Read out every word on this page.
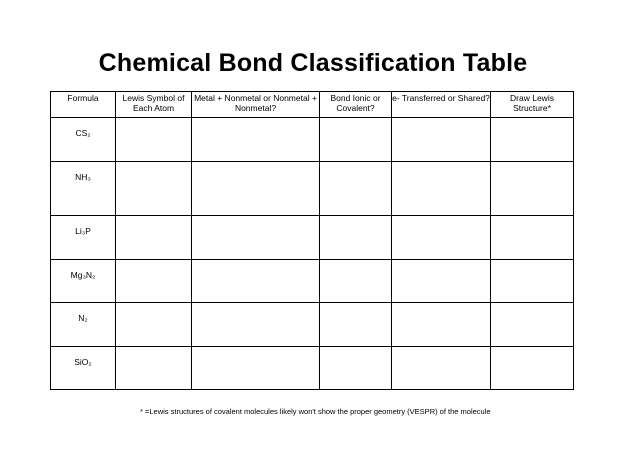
Chemical Bond Classification Table
Formula	Lewis Symbol of Each Atom	Metal + Nonmetal or Nonmetal + Nonmetal?	Bond Ionic or Covalent?	e- Transferred or Shared?	Draw Lewis Structure*
CS₂					
NH₃					
Li₃P					
Mg₃N₂					
N₂					
SiO₂					
* =Lewis structures of covalent molecules likely won't show the proper geometry (VESPR) of the molecule
